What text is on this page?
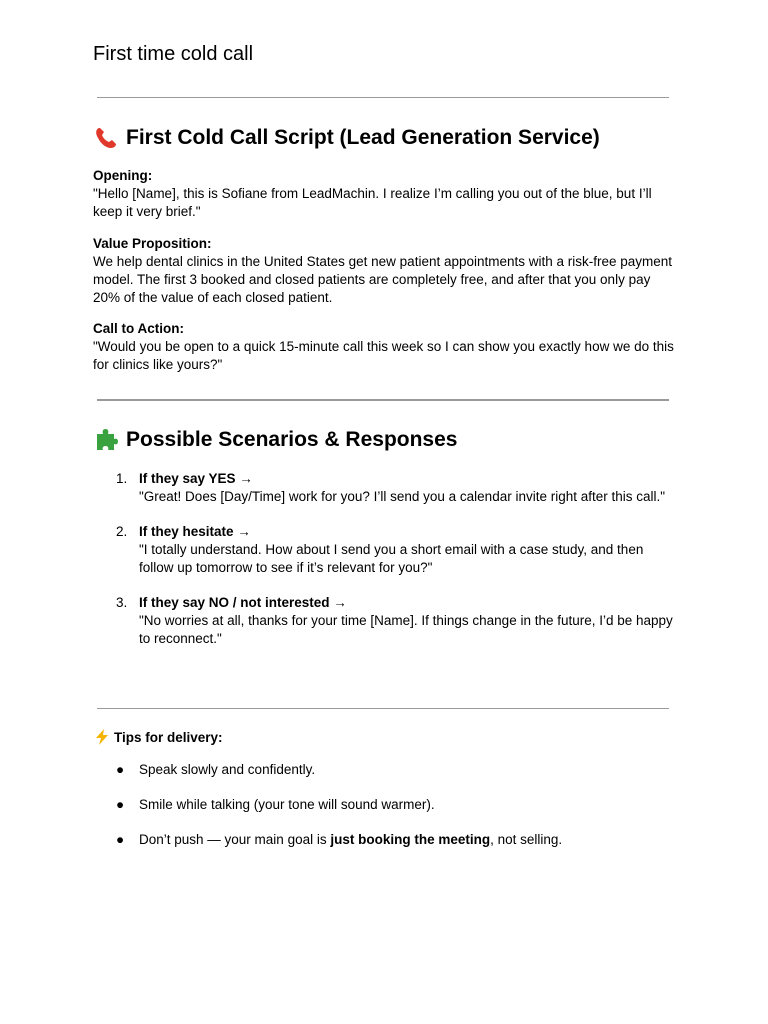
First time cold call
First Cold Call Script (Lead Generation Service)
Opening:
"Hello [Name], this is Sofiane from LeadMachin. I realize I’m calling you out of the blue, but I’ll keep it very brief."
Value Proposition:
We help dental clinics in the United States get new patient appointments with a risk-free payment model. The first 3 booked and closed patients are completely free, and after that you only pay 20% of the value of each closed patient.
Call to Action:
"Would you be open to a quick 15-minute call this week so I can show you exactly how we do this for clinics like yours?"
Possible Scenarios & Responses
1. If they say YES →
"Great! Does [Day/Time] work for you? I’ll send you a calendar invite right after this call."
2. If they hesitate →
"I totally understand. How about I send you a short email with a case study, and then follow up tomorrow to see if it’s relevant for you?"
3. If they say NO / not interested →
"No worries at all, thanks for your time [Name]. If things change in the future, I’d be happy to reconnect."
Tips for delivery:
● Speak slowly and confidently.
● Smile while talking (your tone will sound warmer).
● Don’t push — your main goal is just booking the meeting, not selling.
